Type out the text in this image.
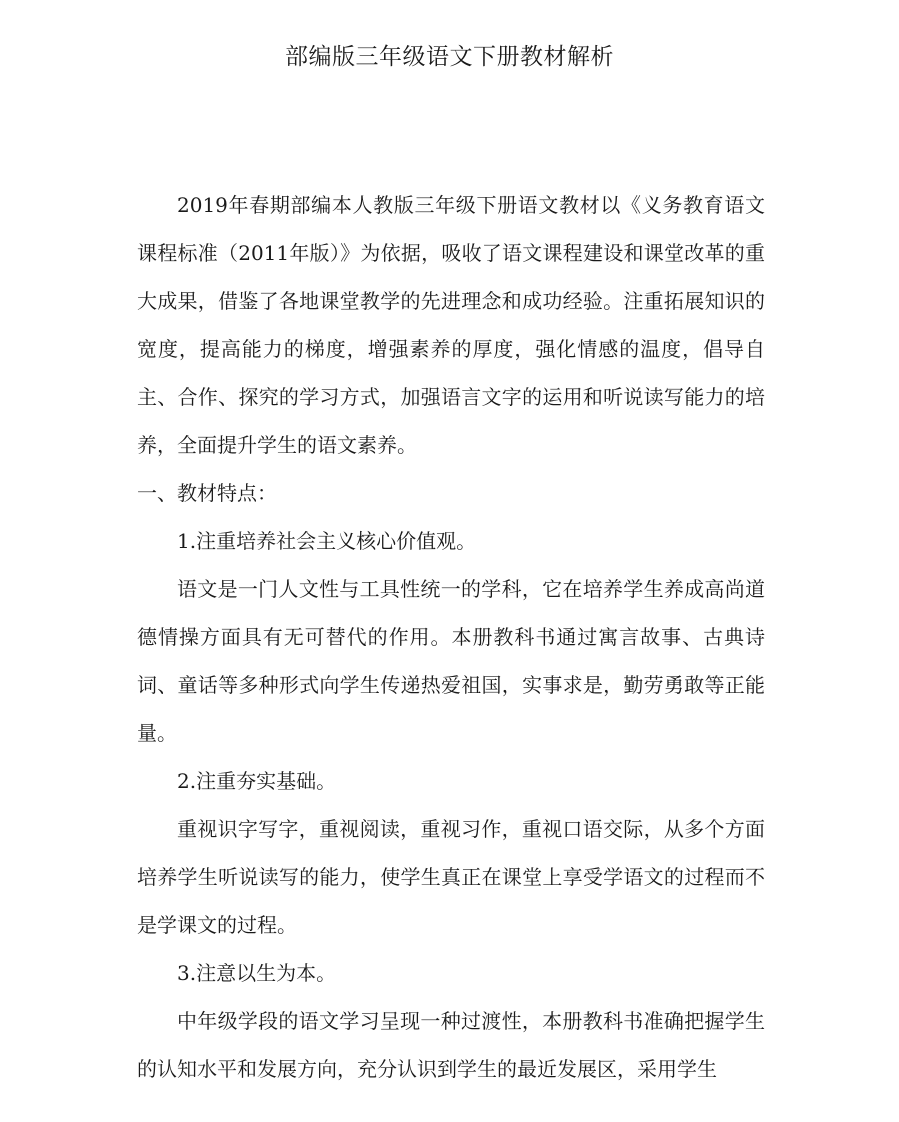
部编版三年级语文下册教材解析

2019年春期部编本人教版三年级下册语文教材以《义务教育语文课程标准（2011年版）》为依据，吸收了语文课程建设和课堂改革的重大成果，借鉴了各地课堂教学的先进理念和成功经验。注重拓展知识的宽度，提高能力的梯度，增强素养的厚度，强化情感的温度，倡导自主、合作、探究的学习方式，加强语言文字的运用和听说读写能力的培养，全面提升学生的语文素养。

一、教材特点：

1.注重培养社会主义核心价值观。

语文是一门人文性与工具性统一的学科，它在培养学生养成高尚道德情操方面具有无可替代的作用。本册教科书通过寓言故事、古典诗词、童话等多种形式向学生传递热爱祖国，实事求是，勤劳勇敢等正能量。

2.注重夯实基础。

重视识字写字，重视阅读，重视习作，重视口语交际，从多个方面培养学生听说读写的能力，使学生真正在课堂上享受学语文的过程而不是学课文的过程。

3.注意以生为本。

中年级学段的语文学习呈现一种过渡性，本册教科书准确把握学生的认知水平和发展方向，充分认识到学生的最近发展区，采用学生
